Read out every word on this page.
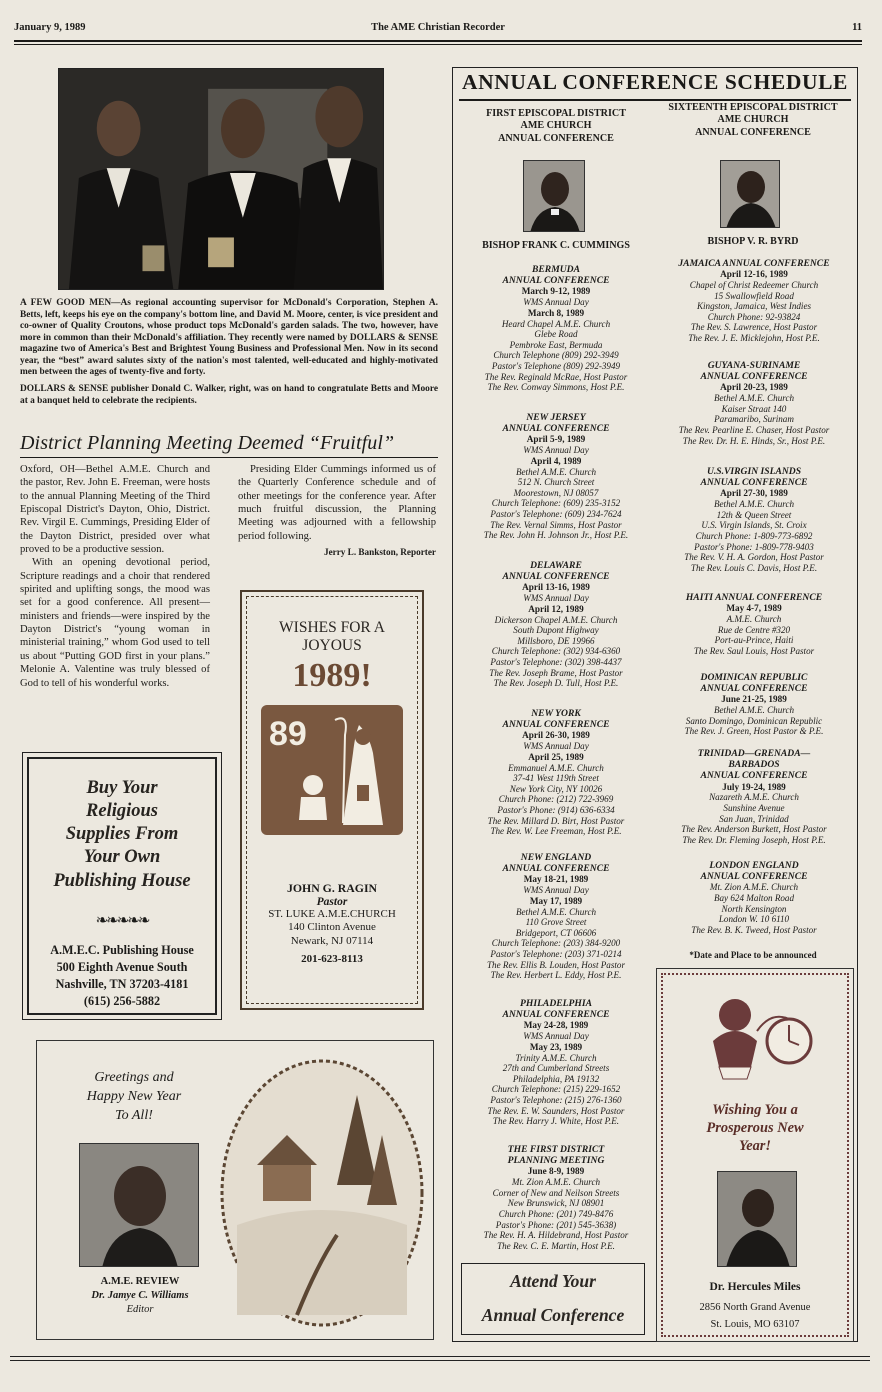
January 9, 1989	The AME Christian Recorder	11

A FEW GOOD MEN—As regional accounting supervisor for McDonald's Corporation, Stephen A. Betts, left, keeps his eye on the company's bottom line, and David M. Moore, center, is vice president and co-owner of Quality Croutons, whose product tops McDonald's garden salads. The two, however, have more in common than their McDonald's affiliation. They recently were named by DOLLARS & SENSE magazine two of America's Best and Brightest Young Business and Professional Men. Now in its second year, the “best” award salutes sixty of the nation's most talented, well-educated and highly-motivated men between the ages of twenty-five and forty.

DOLLARS & SENSE publisher Donald C. Walker, right, was on hand to congratulate Betts and Moore at a banquet held to celebrate the recipients.

District Planning Meeting Deemed “Fruitful”

Oxford, OH—Bethel A.M.E. Church and the pastor, Rev. John E. Freeman, were hosts to the annual Planning Meeting of the Third Episcopal District's Dayton, Ohio, District. Rev. Virgil E. Cummings, Presiding Elder of the Dayton District, presided over what proved to be a productive session.

With an opening devotional period, Scripture readings and a choir that rendered spirited and uplifting songs, the mood was set for a good conference. All present—ministers and friends—were inspired by the Dayton District's “young woman in ministerial training,” whom God used to tell us about “Putting GOD first in your plans.” Melonie A. Valentine was truly blessed of God to tell of his wonderful works.

Presiding Elder Cummings informed us of the Quarterly Conference schedule and of other meetings for the conference year. After much fruitful discussion, the Planning Meeting was adjourned with a fellowship period following.

Jerry L. Bankston, Reporter
Buy Your
Religious
Supplies From
Your Own
Publishing House
❧❧❧❧❧
A.M.E.C. Publishing House
500 Eighth Avenue South
Nashville, TN 37203-4181
(615) 256-5882
WISHES FOR A
JOYOUS
1989!
89
JOHN G. RAGIN
Pastor
ST. LUKE A.M.E.CHURCH
140 Clinton Avenue
Newark, NJ 07114
201-623-8113
Greetings and
Happy New Year
To All!
A.M.E. REVIEW
Dr. Jamye C. Williams
Editor
ANNUAL CONFERENCE SCHEDULE
FIRST EPISCOPAL DISTRICT
AME CHURCH
ANNUAL CONFERENCE
SIXTEENTH EPISCOPAL DISTRICT
AME CHURCH
ANNUAL CONFERENCE
BISHOP FRANK C. CUMMINGS	BISHOP V. R. BYRD
BERMUDA
ANNUAL CONFERENCE
March 9-12, 1989
WMS Annual Day
March 8, 1989
Heard Chapel A.M.E. Church
Glebe Road
Pembroke East, Bermuda
Church Telephone (809) 292-3949
Pastor's Telephone (809) 292-3949
The Rev. Reginald McRae, Host Pastor
The Rev. Conway Simmons, Host P.E.
NEW JERSEY
ANNUAL CONFERENCE
April 5-9, 1989
WMS Annual Day
April 4, 1989
Bethel A.M.E. Church
512 N. Church Street
Moorestown, NJ 08057
Church Telephone: (609) 235-3152
Pastor's Telephone: (609) 234-7624
The Rev. Vernal Simms, Host Pastor
The Rev. John H. Johnson Jr., Host P.E.
DELAWARE
ANNUAL CONFERENCE
April 13-16, 1989
WMS Annual Day
April 12, 1989
Dickerson Chapel A.M.E. Church
South Dupont Highway
Millsboro, DE 19966
Church Telephone: (302) 934-6360
Pastor's Telephone: (302) 398-4437
The Rev. Joseph Brame, Host Pastor
The Rev. Joseph D. Tull, Host P.E.
NEW YORK
ANNUAL CONFERENCE
April 26-30, 1989
WMS Annual Day
April 25, 1989
Emmanuel A.M.E. Church
37-41 West 119th Street
New York City, NY 10026
Church Phone: (212) 722-3969
Pastor's Phone: (914) 636-6334
The Rev. Millard D. Birt, Host Pastor
The Rev. W. Lee Freeman, Host P.E.
NEW ENGLAND
ANNUAL CONFERENCE
May 18-21, 1989
WMS Annual Day
May 17, 1989
Bethel A.M.E. Church
110 Grove Street
Bridgeport, CT 06606
Church Telephone: (203) 384-9200
Pastor's Telephone: (203) 371-0214
The Rev. Ellis B. Louden, Host Pastor
The Rev. Herbert L. Eddy, Host P.E.
PHILADELPHIA
ANNUAL CONFERENCE
May 24-28, 1989
WMS Annual Day
May 23, 1989
Trinity A.M.E. Church
27th and Cumberland Streets
Philadelphia, PA 19132
Church Telephone: (215) 229-1652
Pastor's Telephone: (215) 276-1360
The Rev. E. W. Saunders, Host Pastor
The Rev. Harry J. White, Host P.E.
THE FIRST DISTRICT
PLANNING MEETING
June 8-9, 1989
Mt. Zion A.M.E. Church
Corner of New and Neilson Streets
New Brunswick, NJ 08901
Church Phone: (201) 749-8476
Pastor's Phone: (201) 545-3638)
The Rev. H. A. Hildebrand, Host Pastor
The Rev. C. E. Martin, Host P.E.
JAMAICA ANNUAL CONFERENCE
April 12-16, 1989
Chapel of Christ Redeemer Church
15 Swallowfield Road
Kingston, Jamaica, West Indies
Church Phone: 92-93824
The Rev. S. Lawrence, Host Pastor
The Rev. J. E. Micklejohn, Host P.E.
GUYANA-SURINAME
ANNUAL CONFERENCE
April 20-23, 1989
Bethel A.M.E. Church
Kaiser Straat 140
Paramaribo, Surinam
The Rev. Pearline E. Chaser, Host Pastor
The Rev. Dr. H. E. Hinds, Sr., Host P.E.
U.S.VIRGIN ISLANDS
ANNUAL CONFERENCE
April 27-30, 1989
Bethel A.M.E. Church
12th & Queen Street
U.S. Virgin Islands, St. Croix
Church Phone: 1-809-773-6892
Pastor's Phone: 1-809-778-9403
The Rev. V. H. A. Gordon, Host Pastor
The Rev. Louis C. Davis, Host P.E.
HAITI ANNUAL CONFERENCE
May 4-7, 1989
A.M.E. Church
Rue de Centre #320
Port-au-Prince, Haiti
The Rev. Saul Louis, Host Pastor
DOMINICAN REPUBLIC
ANNUAL CONFERENCE
June 21-25, 1989
Bethel A.M.E. Church
Santo Domingo, Dominican Republic
The Rev. J. Green, Host Pastor & P.E.
TRINIDAD—GRENADA—
BARBADOS
ANNUAL CONFERENCE
July 19-24, 1989
Nazareth A.M.E. Church
Sunshine Avenue
San Juan, Trinidad
The Rev. Anderson Burkett, Host Pastor
The Rev. Dr. Fleming Joseph, Host P.E.
LONDON ENGLAND
ANNUAL CONFERENCE
Mt. Zion A.M.E. Church
Bay 624 Malton Road
North Kensington
London W. 10 6110
The Rev. B. K. Tweed, Host Pastor
*Date and Place to be announced
Attend Your
Annual Conference
Wishing You a
Prosperous New
Year!
Dr. Hercules Miles
2856 North Grand Avenue
St. Louis, MO 63107
